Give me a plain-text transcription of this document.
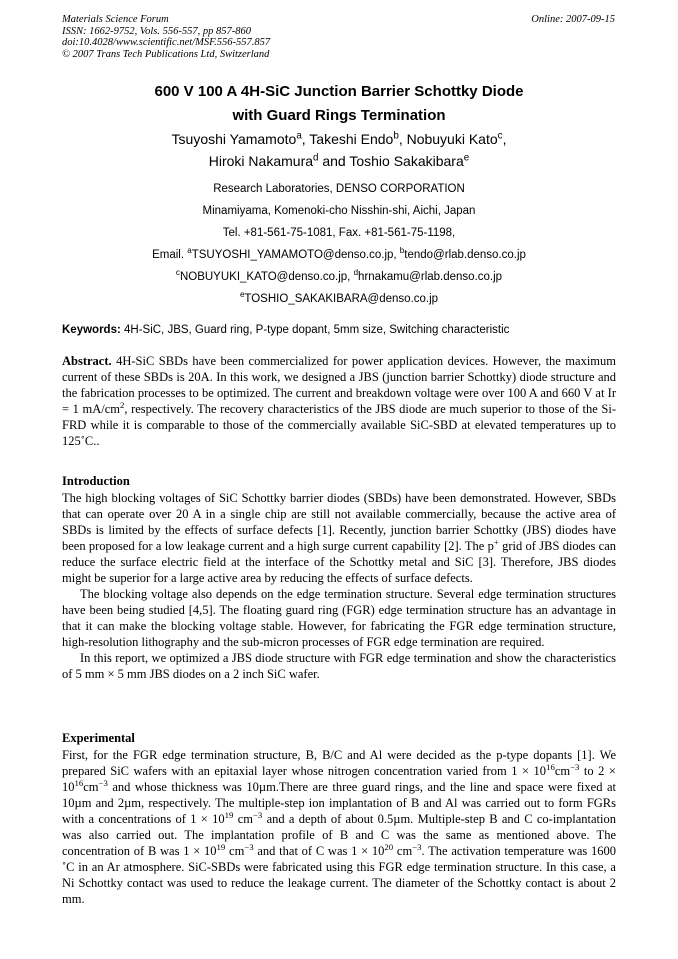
Materials Science Forum
ISSN: 1662-9752, Vols. 556-557, pp 857-860
doi:10.4028/www.scientific.net/MSF.556-557.857
© 2007 Trans Tech Publications Ltd, Switzerland
Online: 2007-09-15
600 V 100 A 4H-SiC Junction Barrier Schottky Diode
with Guard Rings Termination
Tsuyoshi Yamamoto$^a$, Takeshi Endo$^b$, Nobuyuki Kato$^c$,
Hiroki Nakamura$^d$ and Toshio Sakakibara$^e$
Research Laboratories, DENSO CORPORATION
Minamiyama, Komenoki-cho Nisshin-shi, Aichi, Japan
Tel. +81-561-75-1081, Fax. +81-561-75-1198,
Email. $^a$TSUYOSHI_YAMAMOTO@denso.co.jp, $^b$tendo@rlab.denso.co.jp
$^c$NOBUYUKI_KATO@denso.co.jp, $^d$hrnakamu@rlab.denso.co.jp
$^e$TOSHIO_SAKAKIBARA@denso.co.jp
Keywords: 4H-SiC, JBS, Guard ring, P-type dopant, 5mm size, Switching characteristic

Abstract. 4H-SiC SBDs have been commercialized for power application devices. However, the maximum current of these SBDs is 20A. In this work, we designed a JBS (junction barrier Schottky) diode structure and the fabrication processes to be optimized. The current and breakdown voltage were over 100 A and 660 V at Ir = 1 $mA/cm^2$, respectively. The recovery characteristics of the JBS diode are much superior to those of the Si-FRD while it is comparable to those of the commercially available SiC-SBD at elevated temperatures up to 125˚C..

Introduction

The high blocking voltages of SiC Schottky barrier diodes (SBDs) have been demonstrated. However, SBDs that can operate over 20 A in a single chip are still not available commercially, because the active area of SBDs is limited by the effects of surface defects [1]. Recently, junction barrier Schottky (JBS) diodes have been proposed for a low leakage current and a high surge current capability [2]. The p+ grid of JBS diodes can reduce the surface electric field at the interface of the Schottky metal and SiC [3]. Therefore, JBS diodes might be superior for a large active area by reducing the effects of surface defects.

The blocking voltage also depends on the edge termination structure. Several edge termination structures have been being studied [4,5]. The floating guard ring (FGR) edge termination structure has an advantage in that it can make the blocking voltage stable. However, for fabricating the FGR edge termination structure, high-resolution lithography and the sub-micron processes of FGR edge termination are required.

In this report, we optimized a JBS diode structure with FGR edge termination and show the characteristics of 5 mm × 5 mm JBS diodes on a 2 inch SiC wafer.

Experimental

First, for the FGR edge termination structure, B, B/C and Al were decided as the p-type dopants [1]. We prepared SiC wafers with an epitaxial layer whose nitrogen concentration varied from $1 \times 10^{16}cm^{-3}$ to $2 \times 10^{16}cm^{-3}$ and whose thickness was 10µm.There are three guard rings, and the line and space were fixed at 10µm and 2µm, respectively. The multiple-step ion implantation of B and Al was carried out to form FGRs with a concentrations of $1 \times 10^{19}$ $cm^{-3}$ and a depth of about 0.5µm. Multiple-step B and C co-implantation was also carried out. The implantation profile of B and C was the same as mentioned above. The concentration of B was $1 \times 10^{19}$ $cm^{-3}$ and that of C was $1 \times 10^{20}$ $cm^{-3}$. The activation temperature was 1600 ˚C in an Ar atmosphere. SiC-SBDs were fabricated using this FGR edge termination structure. In this case, a Ni Schottky contact was used to reduce the leakage current. The diameter of the Schottky contact is about 2 mm.
